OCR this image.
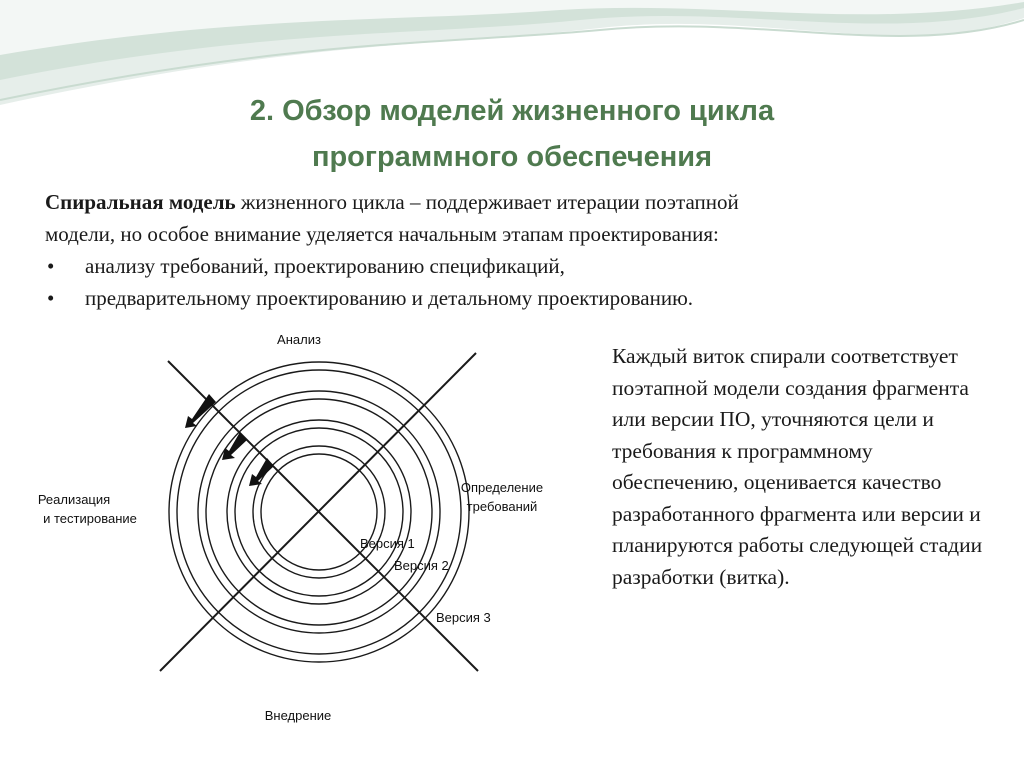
2. Обзор моделей жизненного цикла
программного обеспечения

Спиральная модель жизненного цикла – поддерживает итерации поэтапной

модели, но особое внимание уделяется начальным этапам проектирования:

• анализу требований, проектированию спецификаций,
• предварительному проектированию и детальному проектированию.
Анализ
Реализация
и тестирование
Определение
требований
Версия 1
Версия 2
Версия 3
Внедрение
Каждый виток спирали соответствует поэтапной модели создания фрагмента или версии ПО, уточняются цели и требования к программному обеспечению, оценивается качество разработанного фрагмента или версии и планируются работы следующей стадии разработки (витка).
